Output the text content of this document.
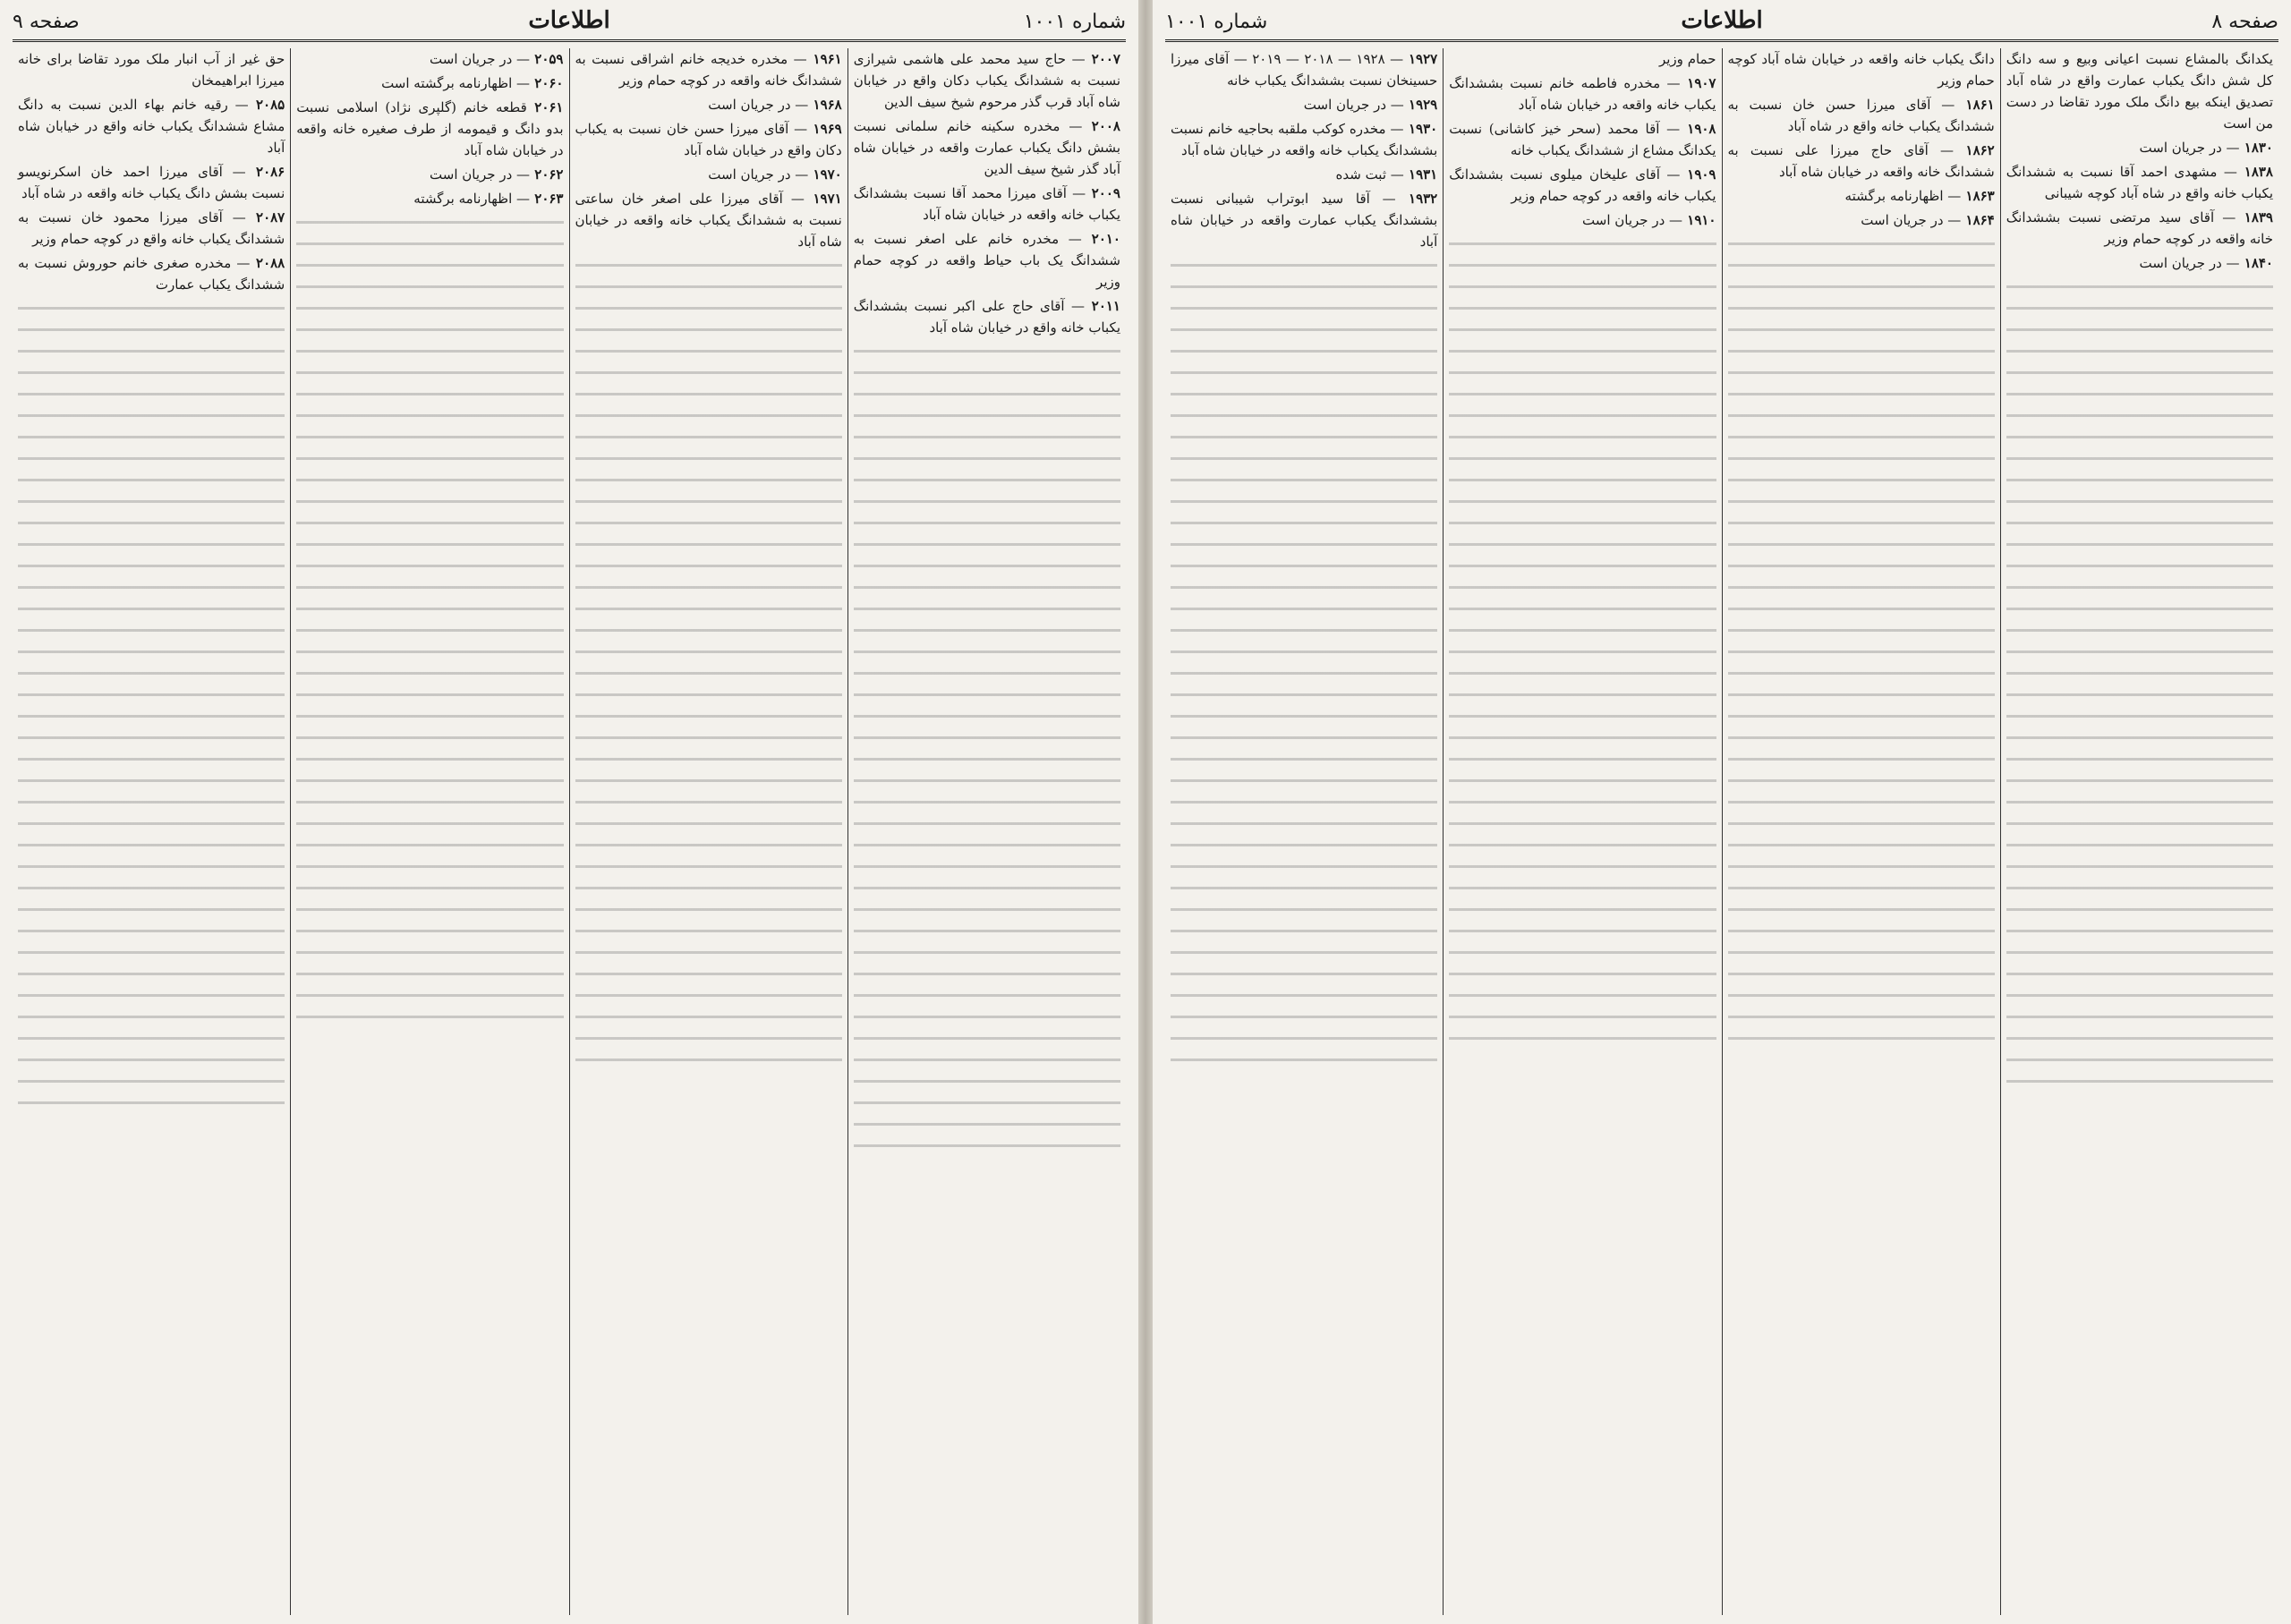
صفحه ۸
اطلاعات
شماره ۱۰۰۱

یکدانگ بالمشاع نسبت اعیانی وبیع و سه دانگ کل شش دانگ یکباب عمارت واقع در شاه آباد تصدیق اینکه بیع دانگ ملک مورد تقاضا در دست من است

۱۸۳۰ — در جریان است

۱۸۳۸ — مشهدی احمد آقا نسبت به ششدانگ یکباب خانه واقع در شاه آباد کوچه شیبانی

۱۸۳۹ — آقای سید مرتضی نسبت بششدانگ خانه واقعه در کوچه حمام وزیر

۱۸۴۰ — در جریان است

دانگ یکباب خانه واقعه در خیابان شاه آباد کوچه حمام وزیر

۱۸۶۱ — آقای میرزا حسن خان نسبت به ششدانگ یکباب خانه واقع در شاه آباد

۱۸۶۲ — آقای حاج میرزا علی نسبت به ششدانگ خانه واقعه در خیابان شاه آباد

۱۸۶۳ — اظهارنامه برگشته

۱۸۶۴ — در جریان است

حمام وزیر

۱۹۰۷ — مخدره فاطمه خانم نسبت بششدانگ یکباب خانه واقعه در خیابان شاه آباد

۱۹۰۸ — آقا محمد (سحر خیز کاشانی) نسبت یکدانگ مشاع از ششدانگ یکباب خانه

۱۹۰۹ — آقای علیخان میلوی نسبت بششدانگ یکباب خانه واقعه در کوچه حمام وزیر

۱۹۱۰ — در جریان است

۱۹۲۷ — ۱۹۲۸ — ۲۰۱۸ — ۲۰۱۹ — آقای میرزا حسینخان نسبت بششدانگ یکباب خانه

۱۹۲۹ — در جریان است

۱۹۳۰ — مخدره کوکب ملقبه بحاجیه خانم نسبت بششدانگ یکباب خانه واقعه در خیابان شاه آباد

۱۹۳۱ — ثبت شده

۱۹۳۲ — آقا سید ابوتراب شیبانی نسبت بششدانگ یکباب عمارت واقعه در خیابان شاه آباد

شماره ۱۰۰۱
اطلاعات
صفحه ۹

۲۰۰۷ — حاج سید محمد علی هاشمی شیرازی نسبت به ششدانگ یکباب دکان واقع در خیابان شاه آباد قرب گذر مرحوم شیخ سیف الدین

۲۰۰۸ — مخدره سکینه خانم سلمانی نسبت بشش دانگ یکباب عمارت واقعه در خیابان شاه آباد گذر شیخ سیف الدین

۲۰۰۹ — آقای میرزا محمد آقا نسبت بششدانگ یکباب خانه واقعه در خیابان شاه آباد

۲۰۱۰ — مخدره خانم علی اصغر نسبت به ششدانگ یک باب حیاط واقعه در کوچه حمام وزیر

۲۰۱۱ — آقای حاج علی اکبر نسبت بششدانگ یکباب خانه واقع در خیابان شاه آباد

۱۹۶۱ — مخدره خدیجه خانم اشراقی نسبت به ششدانگ خانه واقعه در کوچه حمام وزیر

۱۹۶۸ — در جریان است

۱۹۶۹ — آقای میرزا حسن خان نسبت به یکباب دکان واقع در خیابان شاه آباد

۱۹۷۰ — در جریان است

۱۹۷۱ — آقای میرزا علی اصغر خان ساعتی نسبت به ششدانگ یکباب خانه واقعه در خیابان شاه آباد

۲۰۵۹ — در جریان است

۲۰۶۰ — اظهارنامه برگشته است

۲۰۶۱ قطعه خانم (گلپری نژاد) اسلامی نسبت بدو دانگ و قیمومه از طرف صغیره خانه واقعه در خیابان شاه آباد

۲۰۶۲ — در جریان است

۲۰۶۳ — اظهارنامه برگشته

حق غیر از آب انبار ملک مورد تقاضا برای خانه میرزا ابراهیمخان

۲۰۸۵ — رقیه خانم بهاء الدین نسبت به دانگ مشاع ششدانگ یکباب خانه واقع در خیابان شاه آباد

۲۰۸۶ — آقای میرزا احمد خان اسکرنویسو نسبت بشش دانگ یکباب خانه واقعه در شاه آباد

۲۰۸۷ — آقای میرزا محمود خان نسبت به ششدانگ یکباب خانه واقع در کوچه حمام وزیر

۲۰۸۸ — مخدره صغری خانم حوروش نسبت به ششدانگ یکباب عمارت
